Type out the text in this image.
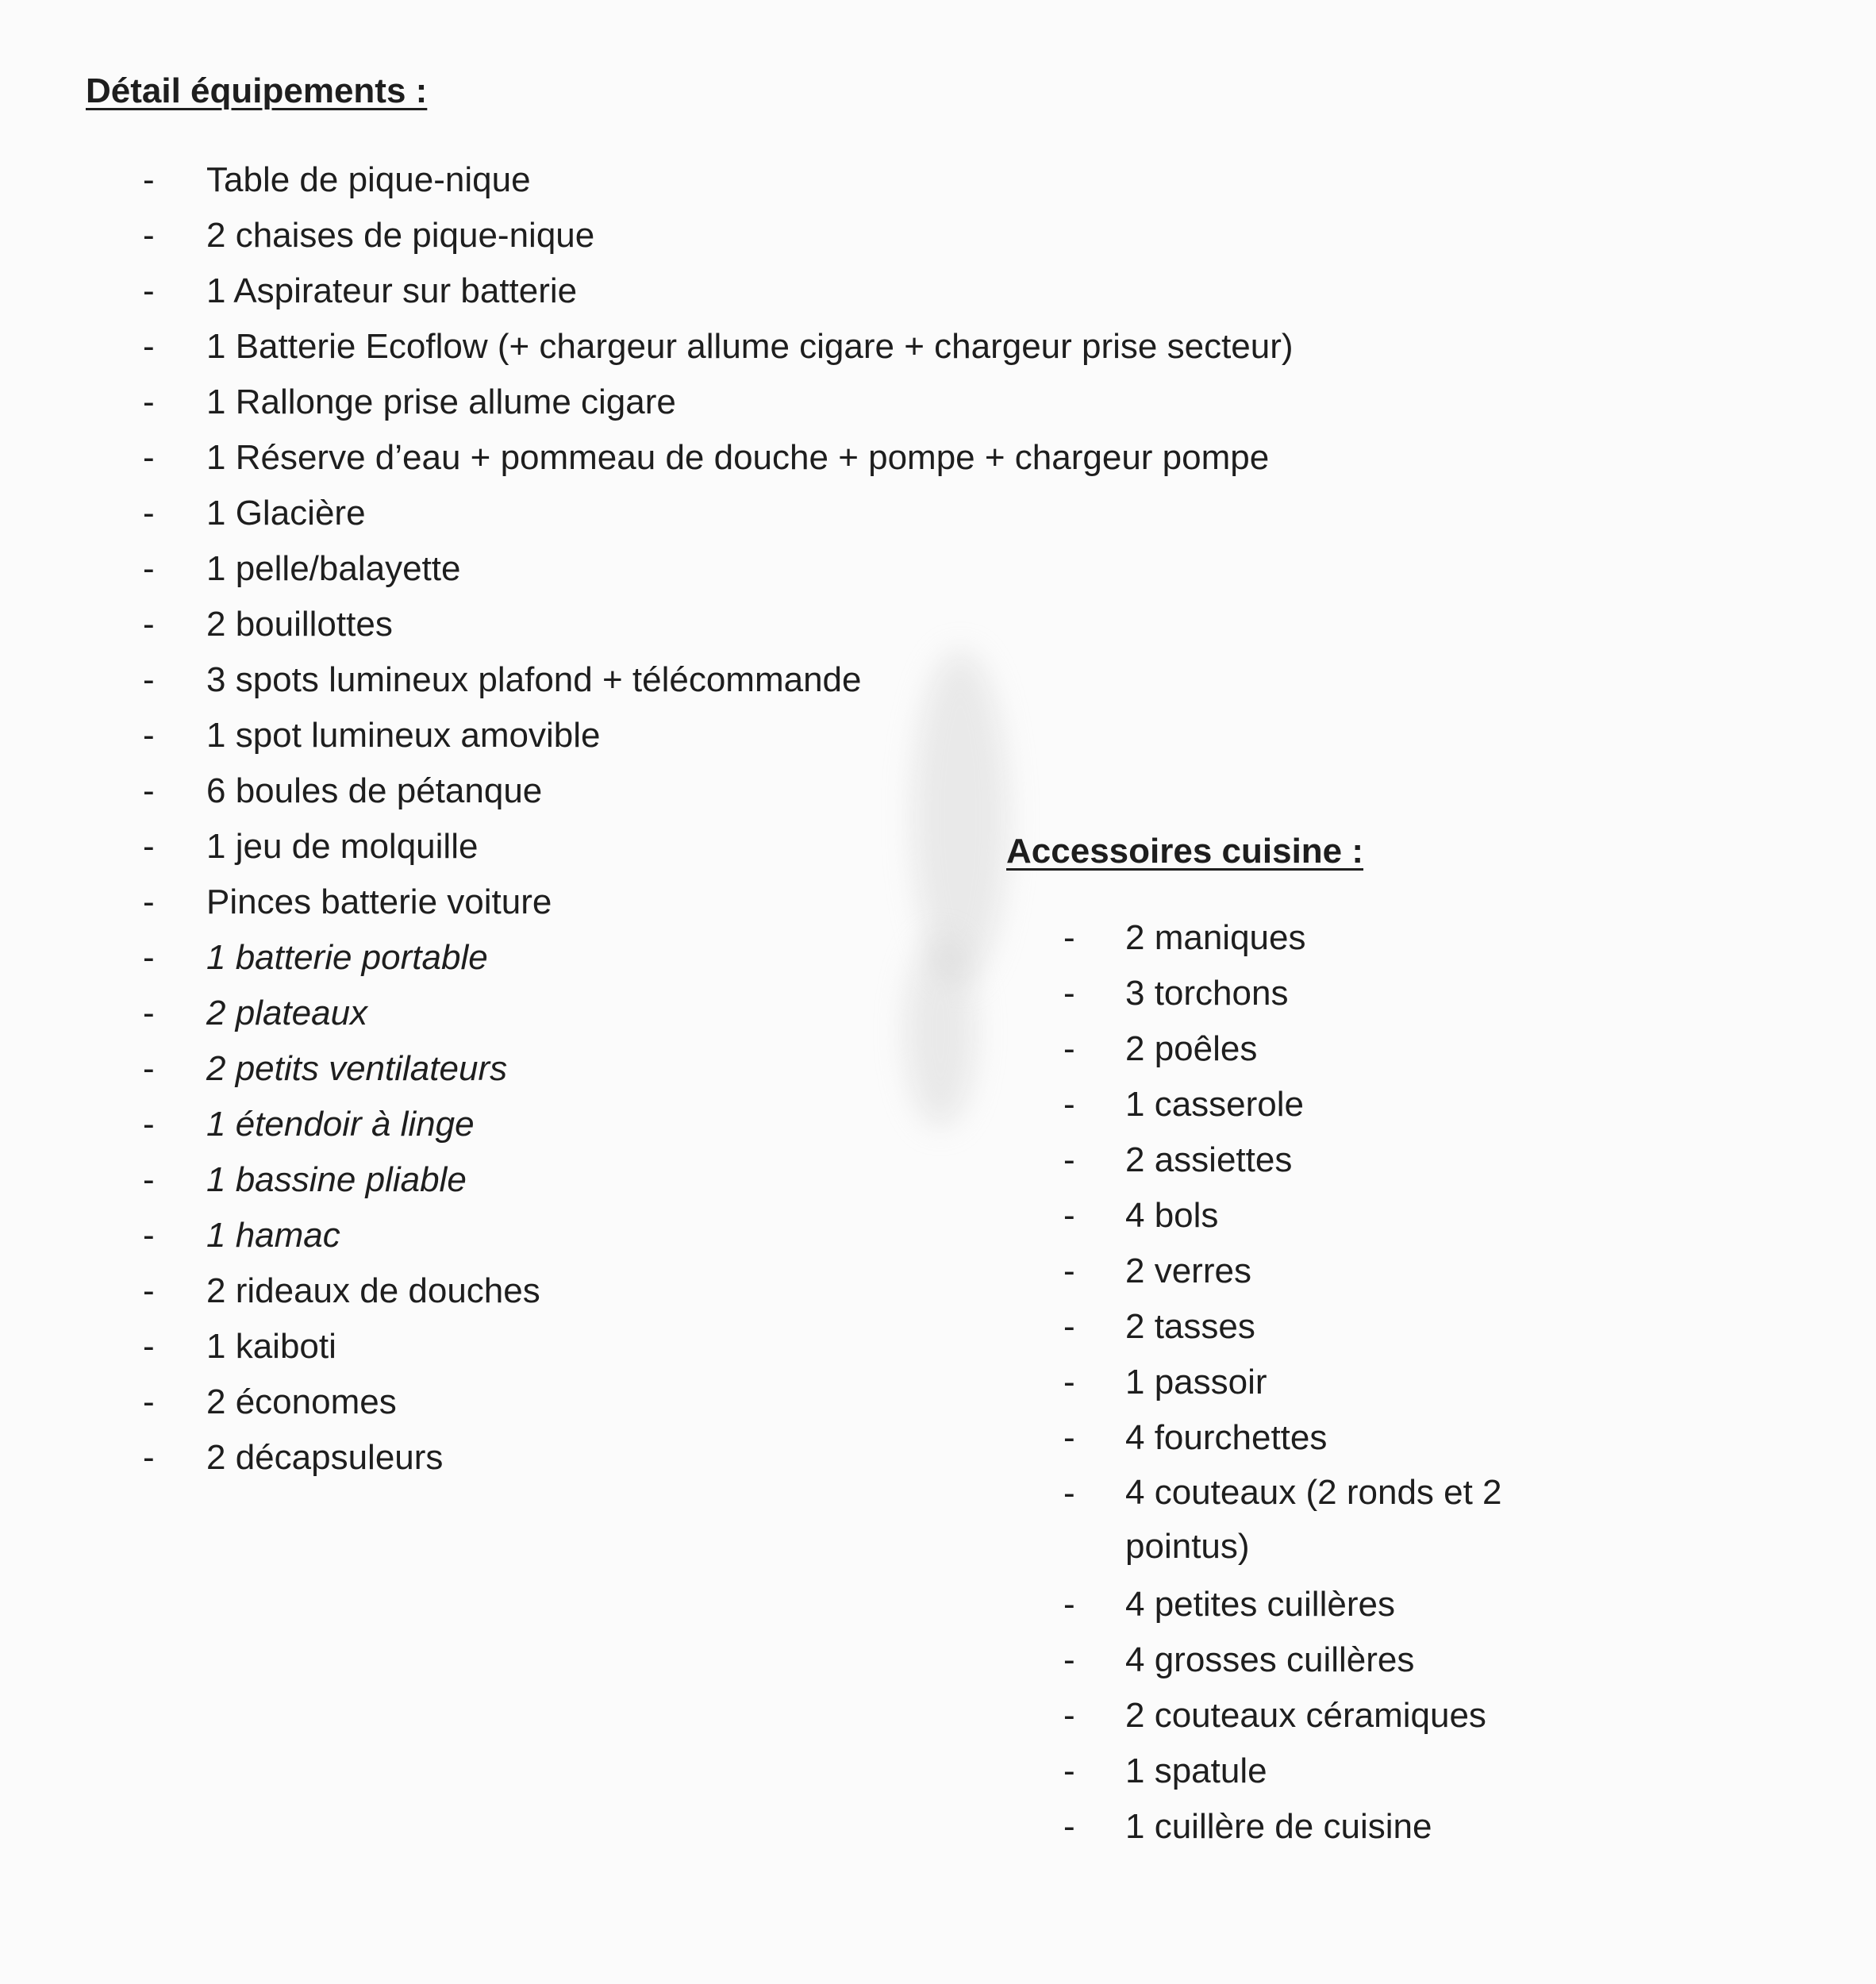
Détail équipements :
-	Table de pique-nique
-	2 chaises de pique-nique
-	1 Aspirateur sur batterie
-	1 Batterie Ecoflow (+ chargeur allume cigare + chargeur prise secteur)
-	1 Rallonge prise allume cigare
-	1 Réserve d’eau + pommeau de douche + pompe + chargeur pompe
-	1 Glacière
-	1 pelle/balayette
-	2 bouillottes
-	3 spots lumineux plafond + télécommande
-	1 spot lumineux amovible
-	6 boules de pétanque
-	1 jeu de molquille
-	Pinces batterie voiture
-	1 batterie portable
-	2 plateaux
-	2 petits ventilateurs
-	1 étendoir à linge
-	1 bassine pliable
-	1 hamac
-	2 rideaux de douches
-	1 kaiboti
-	2 économes
-	2 décapsuleurs
Accessoires cuisine :
-	2 maniques
-	3 torchons
-	2 poêles
-	1 casserole
-	2 assiettes
-	4 bols
-	2 verres
-	2 tasses
-	1 passoir
-	4 fourchettes
-	4 couteaux (2 ronds et 2 pointus)
-	4 petites cuillères
-	4 grosses cuillères
-	2 couteaux céramiques
-	1 spatule
-	1 cuillère de cuisine
